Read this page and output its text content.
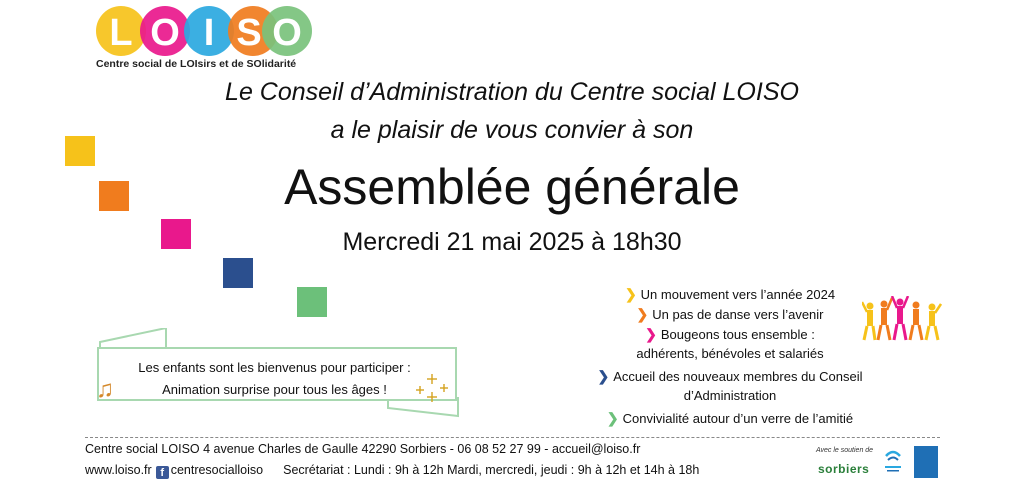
L O I S O
Centre social de LOIsirs et de SOlidarité
Le Conseil d’Administration du Centre social LOISO
a le plaisir de vous convier à son
Assemblée générale
Mercredi 21 mai 2025 à 18h30
Les enfants sont les bienvenus pour participer :
Animation surprise pour tous les âges !
♫
❯ Un mouvement vers l’année 2024
❯ Un pas de danse vers l’avenir
❯ Bougeons tous ensemble :
adhérents, bénévoles et salariés
❯ Accueil des nouveaux membres du Conseil
d’Administration
❯ Convivialité autour d’un verre de l’amitié
Centre social LOISO 4 avenue Charles de Gaulle 42290 Sorbiers - 06 08 52 27 99 - accueil@loiso.fr
www.loiso.fr f centresocialloiso Secrétariat : Lundi : 9h à 12h Mardi, mercredi, jeudi : 9h à 12h et 14h à 18h
Avec le soutien de
sorbiers
